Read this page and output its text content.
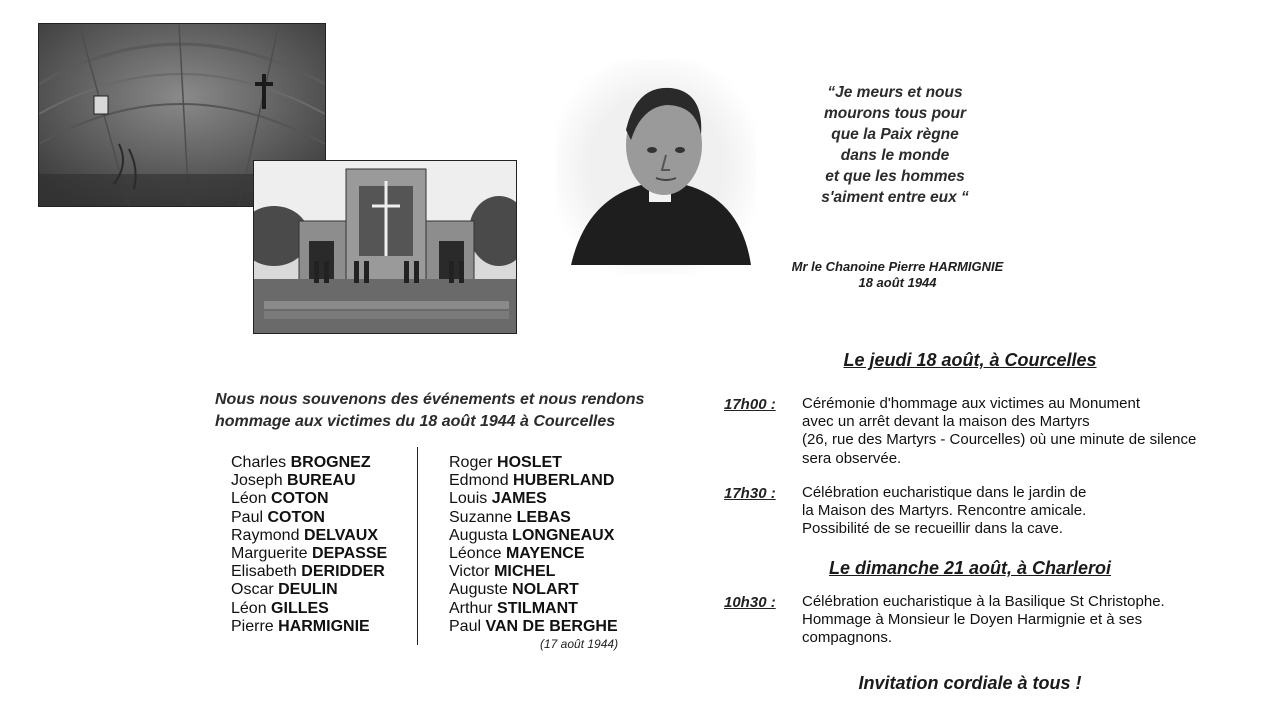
“Je meurs et nous
mourons tous pour
que la Paix règne
dans le monde
et que les hommes
s'aiment entre eux “
Mr le Chanoine Pierre HARMIGNIE
18 août 1944
Nous nous souvenons des événements et nous rendons
hommage aux victimes du 18 août 1944 à Courcelles
Charles BROGNEZ
Joseph BUREAU
Léon COTON
Paul COTON
Raymond DELVAUX
Marguerite DEPASSE
Elisabeth DERIDDER
Oscar DEULIN
Léon GILLES
Pierre HARMIGNIE
Roger HOSLET
Edmond HUBERLAND
Louis JAMES
Suzanne LEBAS
Augusta LONGNEAUX
Léonce MAYENCE
Victor MICHEL
Auguste NOLART
Arthur STILMANT
Paul VAN DE BERGHE
(17 août 1944)
Le jeudi 18 août, à Courcelles
17h00 : Cérémonie d'hommage aux victimes au Monument
avec un arrêt devant la maison des Martyrs
(26, rue des Martyrs - Courcelles) où une minute de silence
sera observée.
17h30 : Célébration eucharistique dans le jardin de
la Maison des Martyrs. Rencontre amicale.
Possibilité de se recueillir dans la cave.
Le dimanche 21 août, à Charleroi
10h30 : Célébration eucharistique à la Basilique St Christophe.
Hommage à Monsieur le Doyen Harmignie et à ses
compagnons.
Invitation cordiale à tous !
